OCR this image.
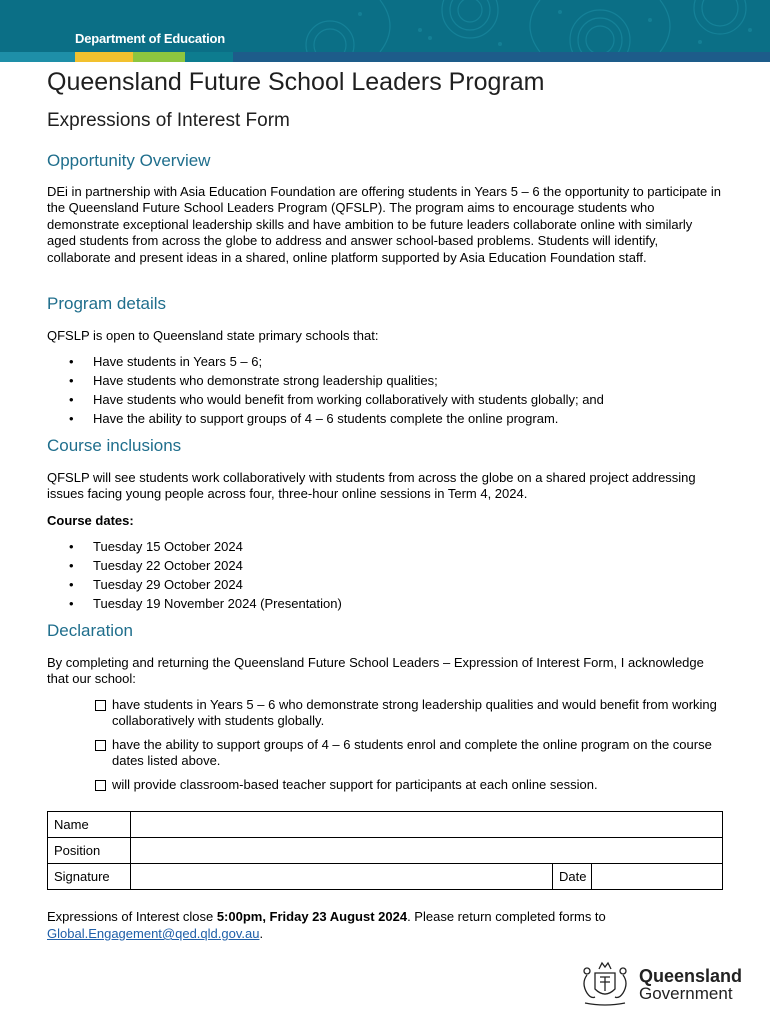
Department of Education
Queensland Future School Leaders Program
Expressions of Interest Form
Opportunity Overview

DEi in partnership with Asia Education Foundation are offering students in Years 5 – 6 the opportunity to participate in the Queensland Future School Leaders Program (QFSLP). The program aims to encourage students who demonstrate exceptional leadership skills and have ambition to be future leaders collaborate online with similarly aged students from across the globe to address and answer school-based problems. Students will identify, collaborate and present ideas in a shared, online platform supported by Asia Education Foundation staff.

Program details

QFSLP is open to Queensland state primary schools that:

• Have students in Years 5 – 6;
• Have students who demonstrate strong leadership qualities;
• Have students who would benefit from working collaboratively with students globally; and
• Have the ability to support groups of 4 – 6 students complete the online program.
Course inclusions

QFSLP will see students work collaboratively with students from across the globe on a shared project addressing issues facing young people across four, three-hour online sessions in Term 4, 2024.

Course dates:

• Tuesday 15 October 2024
• Tuesday 22 October 2024
• Tuesday 29 October 2024
• Tuesday 19 November 2024 (Presentation)
Declaration

By completing and returning the Queensland Future School Leaders – Expression of Interest Form, I acknowledge that our school:

Name			
Position			
Signature		Date	
Expressions of Interest close 5:00pm, Friday 23 August 2024. Please return completed forms to Global.Engagement@qed.qld.gov.au.
have students in Years 5 – 6 who demonstrate strong leadership qualities and would benefit from working collaboratively with students globally.
have the ability to support groups of 4 – 6 students enrol and complete the online program on the course dates listed above.
will provide classroom-based teacher support for participants at each online session.
Queensland
Government
